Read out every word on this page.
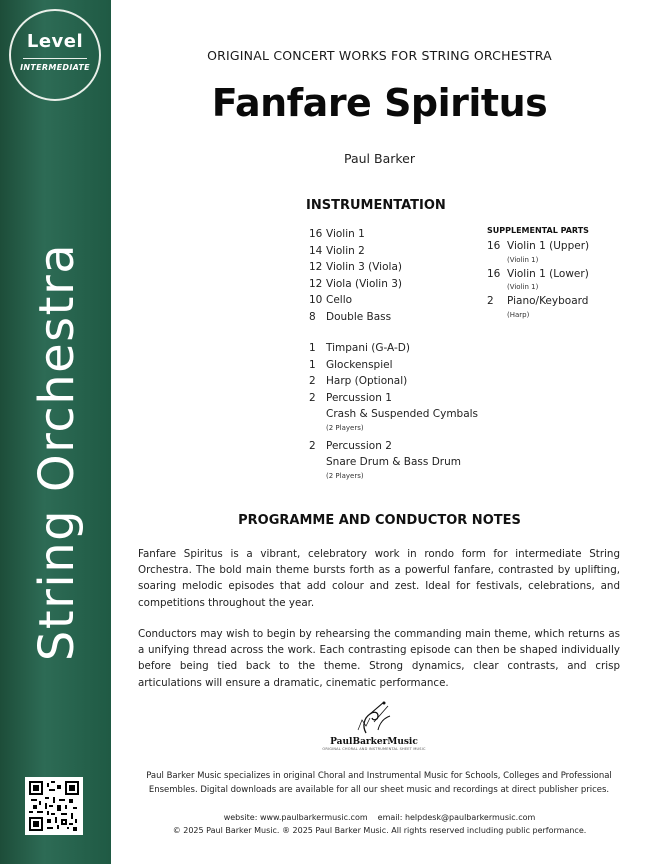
Level
INTERMEDIATE
String Orchestra
ORIGINAL CONCERT WORKS FOR STRING ORCHESTRA
Fanfare Spiritus
Paul Barker
INSTRUMENTATION
16 Violin 1
14 Violin 2
12 Violin 3 (Viola)
12 Viola (Violin 3)
10 Cello
8 Double Bass
1 Timpani (G-A-D)
1 Glockenspiel
2 Harp (Optional)
2 Percussion 1
Crash & Suspended Cymbals
(2 Players)
2 Percussion 2
Snare Drum & Bass Drum
(2 Players)
SUPPLEMENTAL PARTS
16 Violin 1 (Upper)
(Violin 1)
16 Violin 1 (Lower)
(Violin 1)
2	Piano/Keyboard
(Harp)
PROGRAMME AND CONDUCTOR NOTES
Fanfare Spiritus is a vibrant, celebratory work in rondo form for intermediate String Orchestra. The bold main theme bursts forth as a powerful fanfare, contrasted by uplifting, soaring melodic episodes that add colour and zest. Ideal for festivals, celebrations, and competitions throughout the year.
Conductors may wish to begin by rehearsing the commanding main theme, which returns as a unifying thread across the work. Each contrasting episode can then be shaped individually before being tied back to the theme. Strong dynamics, clear contrasts, and crisp articulations will ensure a dramatic, cinematic performance.
PaulBarkerMusic
ORIGINAL CHORAL AND INSTRUMENTAL SHEET MUSIC
Paul Barker Music specializes in original Choral and Instrumental Music for Schools, Colleges and Professional Ensembles. Digital downloads are available for all our sheet music and recordings at direct publisher prices.
website: www.paulbarkermusic.com email: helpdesk@paulbarkermusic.com
© 2025 Paul Barker Music. ® 2025 Paul Barker Music. All rights reserved including public performance.
